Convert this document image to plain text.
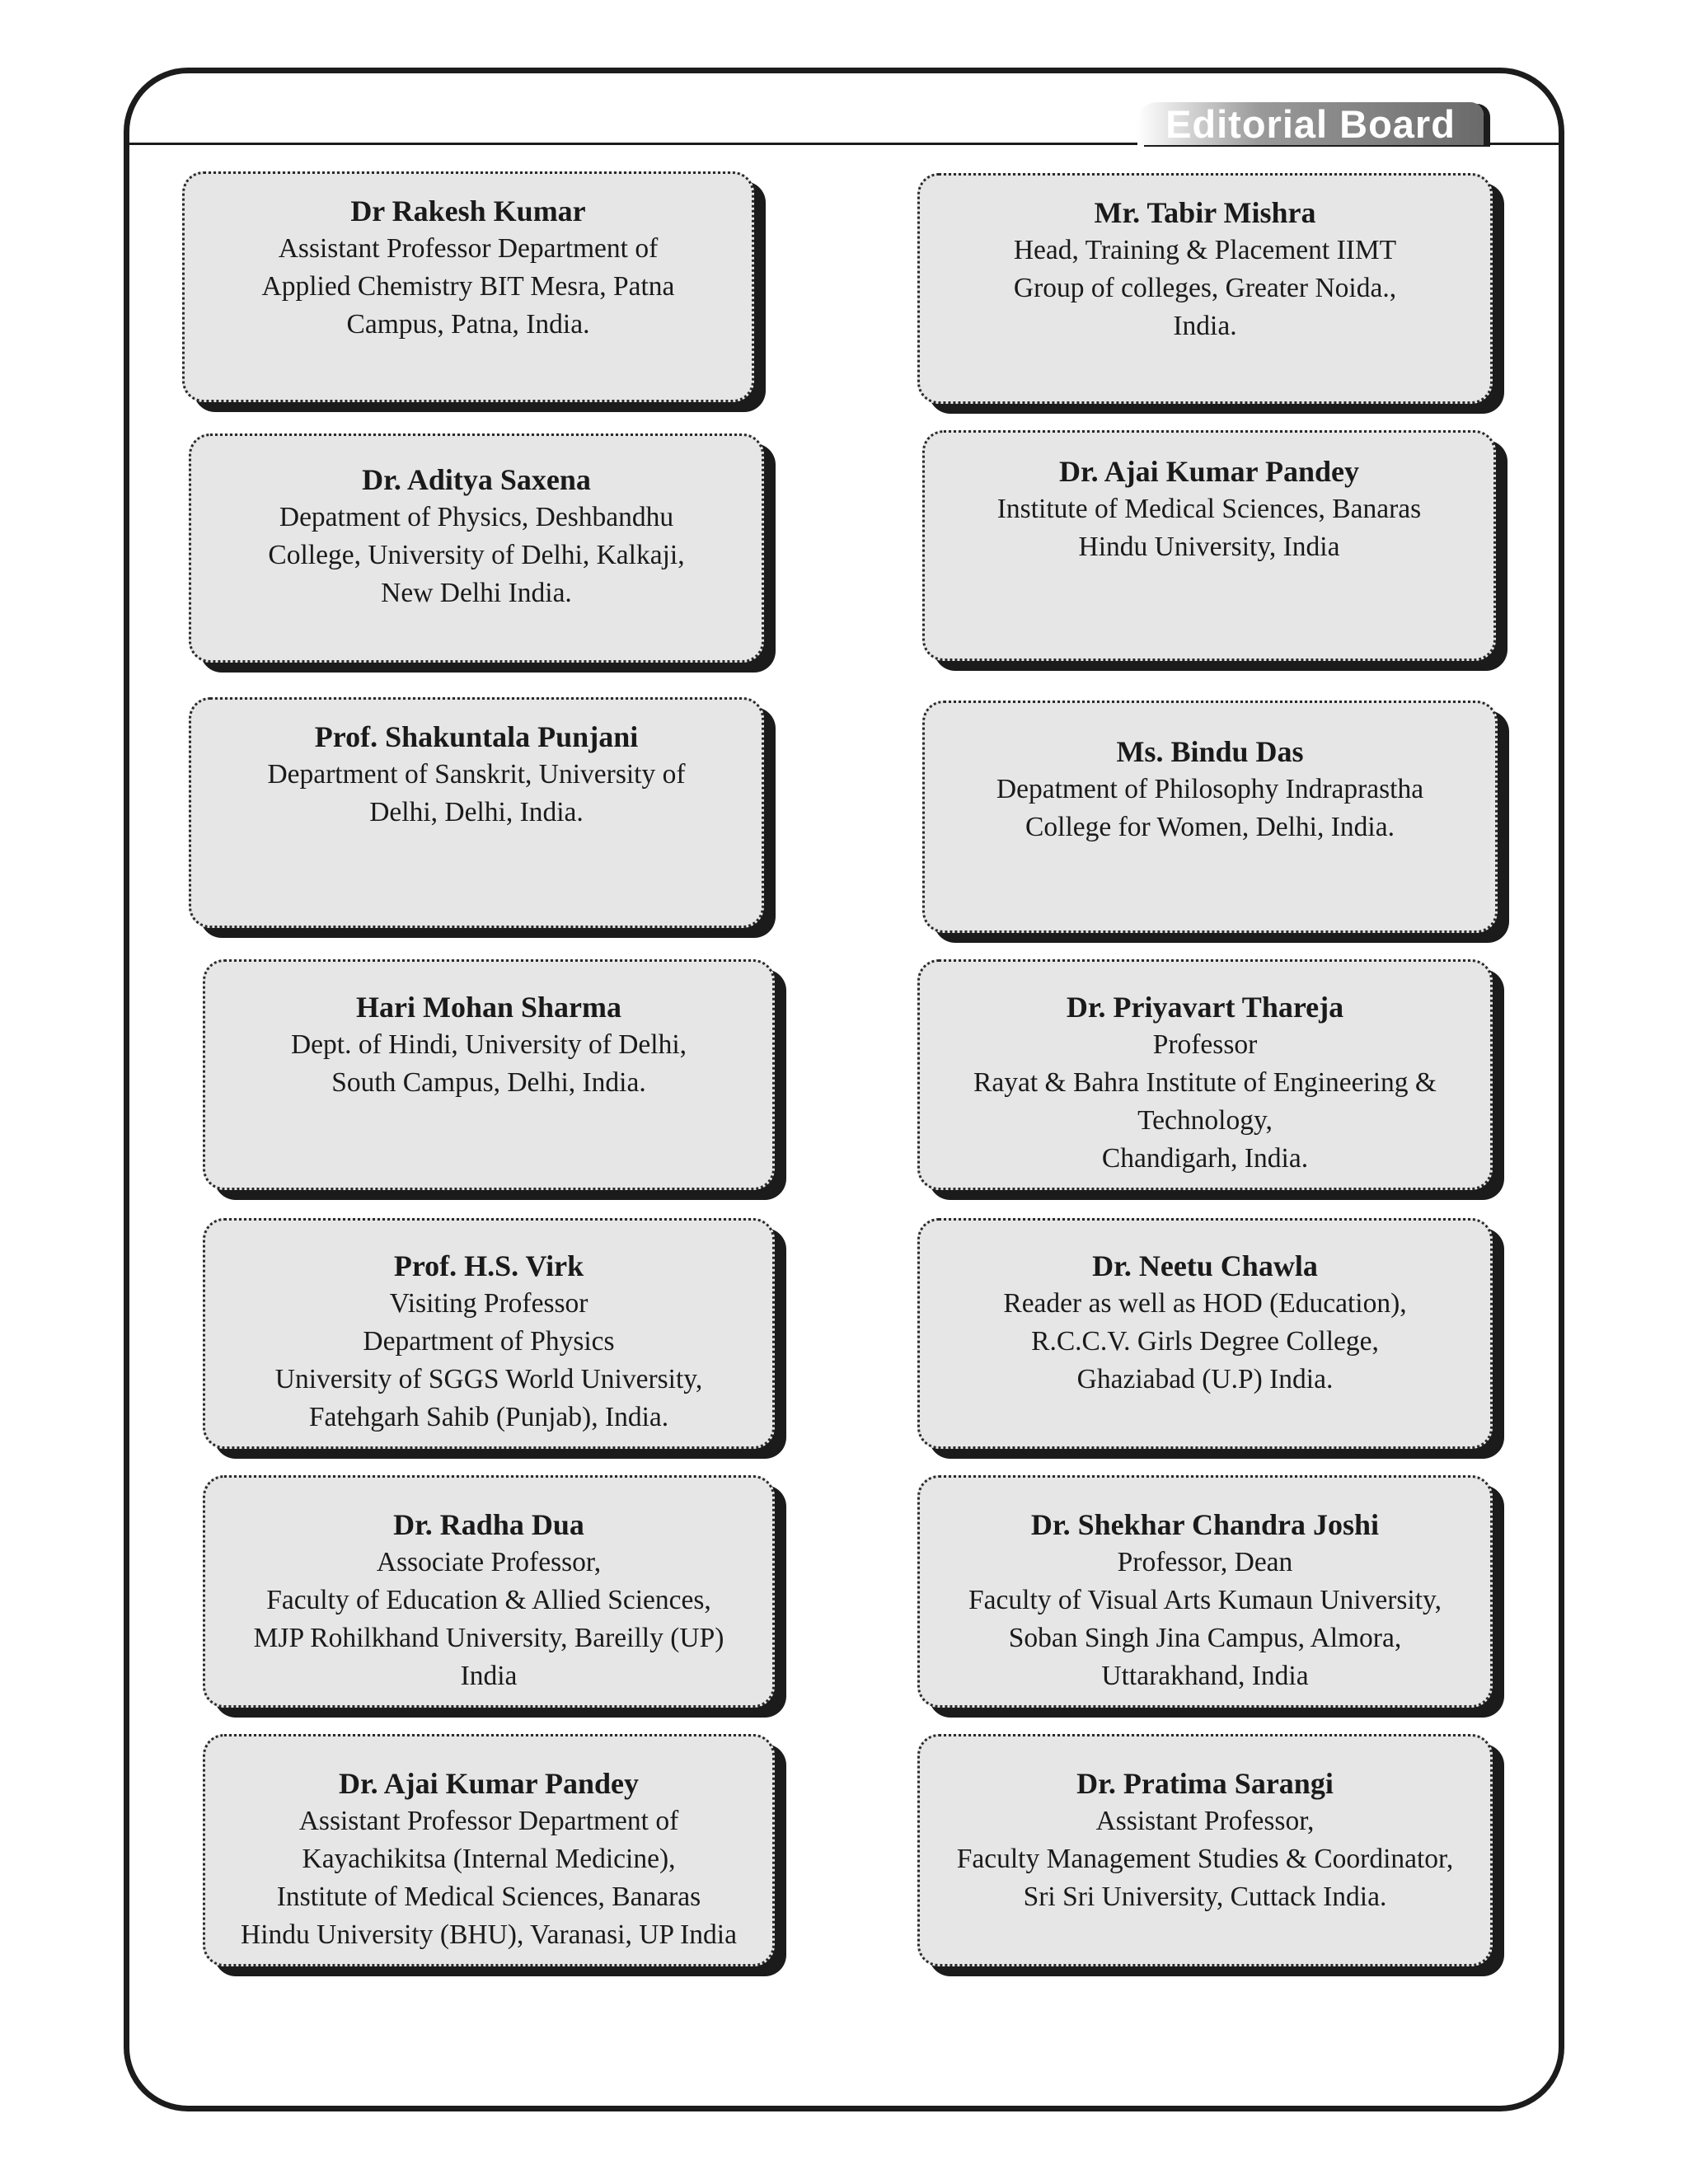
Editorial Board
Dr Rakesh Kumar
Assistant Professor Department of
Applied Chemistry BIT Mesra, Patna
Campus, Patna, India.
Mr. Tabir Mishra
Head, Training & Placement IIMT
Group of colleges, Greater Noida.,
India.
Dr. Aditya Saxena
Depatment of Physics, Deshbandhu
College, University of Delhi, Kalkaji,
New Delhi India.
Dr. Ajai Kumar Pandey
Institute of Medical Sciences, Banaras
Hindu University, India
Prof. Shakuntala Punjani
Department of Sanskrit, University of
Delhi, Delhi, India.
Ms. Bindu Das
Depatment of Philosophy Indraprastha
College for Women, Delhi, India.
Hari Mohan Sharma
Dept. of Hindi, University of Delhi,
South Campus, Delhi, India.
Dr. Priyavart Thareja
Professor
Rayat & Bahra Institute of Engineering &
Technology,
Chandigarh, India.
Prof. H.S. Virk
Visiting Professor
Department of Physics
University of SGGS World University,
Fatehgarh Sahib (Punjab), India.
Dr. Neetu Chawla
Reader as well as HOD (Education),
R.C.C.V. Girls Degree College,
Ghaziabad (U.P) India.
Dr. Radha Dua
Associate Professor,
Faculty of Education & Allied Sciences,
MJP Rohilkhand University, Bareilly (UP)
India
Dr. Shekhar Chandra Joshi
Professor, Dean
Faculty of Visual Arts Kumaun University,
Soban Singh Jina Campus, Almora,
Uttarakhand, India
Dr. Ajai Kumar Pandey
Assistant Professor Department of
Kayachikitsa (Internal Medicine),
Institute of Medical Sciences, Banaras
Hindu University (BHU), Varanasi, UP India
Dr. Pratima Sarangi
Assistant Professor,
Faculty Management Studies & Coordinator,
Sri Sri University, Cuttack India.
